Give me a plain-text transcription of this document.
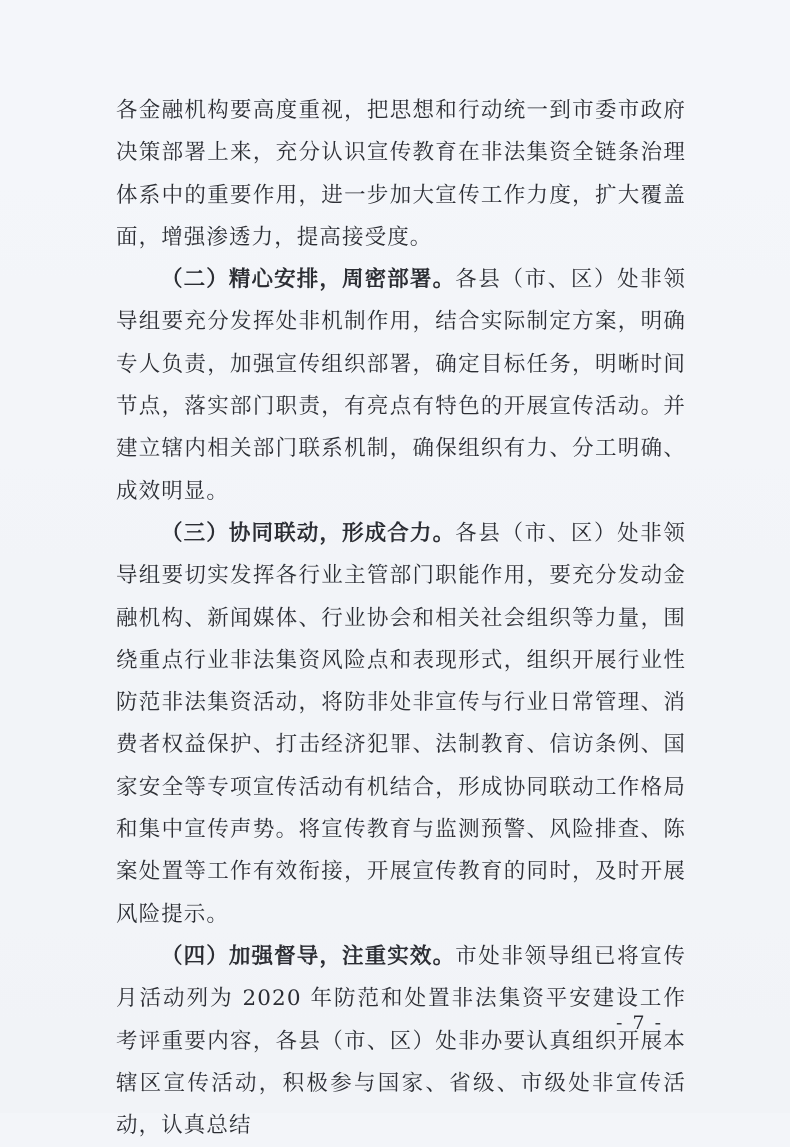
各金融机构要高度重视，把思想和行动统一到市委市政府决策部署上来，充分认识宣传教育在非法集资全链条治理体系中的重要作用，进一步加大宣传工作力度，扩大覆盖面，增强渗透力，提高接受度。

（二）精心安排，周密部署。各县（市、区）处非领导组要充分发挥处非机制作用，结合实际制定方案，明确专人负责，加强宣传组织部署，确定目标任务，明晰时间节点，落实部门职责，有亮点有特色的开展宣传活动。并建立辖内相关部门联系机制，确保组织有力、分工明确、成效明显。

（三）协同联动，形成合力。各县（市、区）处非领导组要切实发挥各行业主管部门职能作用，要充分发动金融机构、新闻媒体、行业协会和相关社会组织等力量，围绕重点行业非法集资风险点和表现形式，组织开展行业性防范非法集资活动，将防非处非宣传与行业日常管理、消费者权益保护、打击经济犯罪、法制教育、信访条例、国家安全等专项宣传活动有机结合，形成协同联动工作格局和集中宣传声势。将宣传教育与监测预警、风险排查、陈案处置等工作有效衔接，开展宣传教育的同时，及时开展风险提示。

（四）加强督导，注重实效。市处非领导组已将宣传月活动列为 2020 年防范和处置非法集资平安建设工作考评重要内容，各县（市、区）处非办要认真组织开展本辖区宣传活动，积极参与国家、省级、市级处非宣传活动，认真总结

- 7 -
